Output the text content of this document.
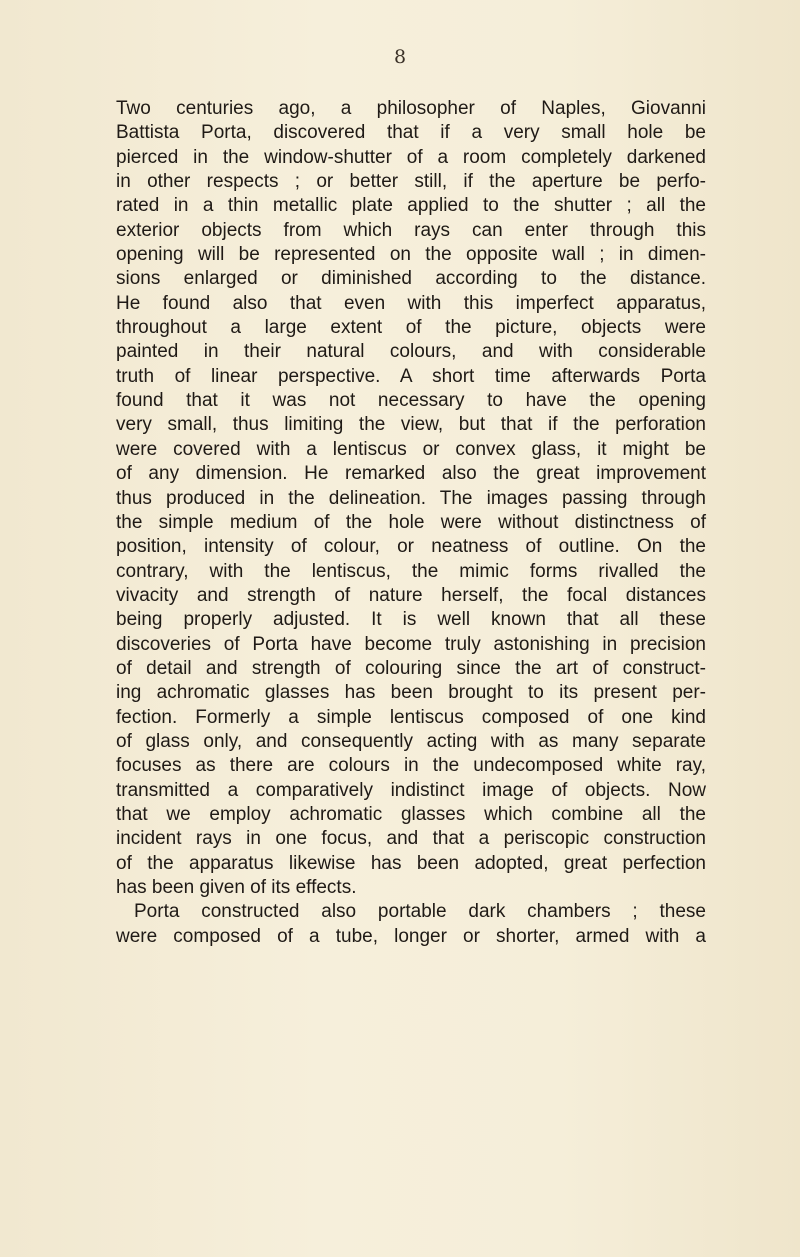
8
Two centuries ago, a philosopher of Naples, Giovanni
Battista Porta, discovered that if a very small hole be
pierced in the window-shutter of a room completely darkened
in other respects ; or better still, if the aperture be perfo-
rated in a thin metallic plate applied to the shutter ; all the
exterior objects from which rays can enter through this
opening will be represented on the opposite wall ; in dimen-
sions enlarged or diminished according to the distance.
He found also that even with this imperfect apparatus,
throughout a large extent of the picture, objects were
painted in their natural colours, and with considerable
truth of linear perspective. A short time afterwards Porta
found that it was not necessary to have the opening
very small, thus limiting the view, but that if the perforation
were covered with a lentiscus or convex glass, it might be
of any dimension. He remarked also the great improvement
thus produced in the delineation. The images passing through
the simple medium of the hole were without distinctness of
position, intensity of colour, or neatness of outline. On the
contrary, with the lentiscus, the mimic forms rivalled the
vivacity and strength of nature herself, the focal distances
being properly adjusted. It is well known that all these
discoveries of Porta have become truly astonishing in precision
of detail and strength of colouring since the art of construct-
ing achromatic glasses has been brought to its present per-
fection. Formerly a simple lentiscus composed of one kind
of glass only, and consequently acting with as many separate
focuses as there are colours in the undecomposed white ray,
transmitted a comparatively indistinct image of objects. Now
that we employ achromatic glasses which combine all the
incident rays in one focus, and that a periscopic construction
of the apparatus likewise has been adopted, great perfection
has been given of its effects.
Porta constructed also portable dark chambers ; these
were composed of a tube, longer or shorter, armed with a
